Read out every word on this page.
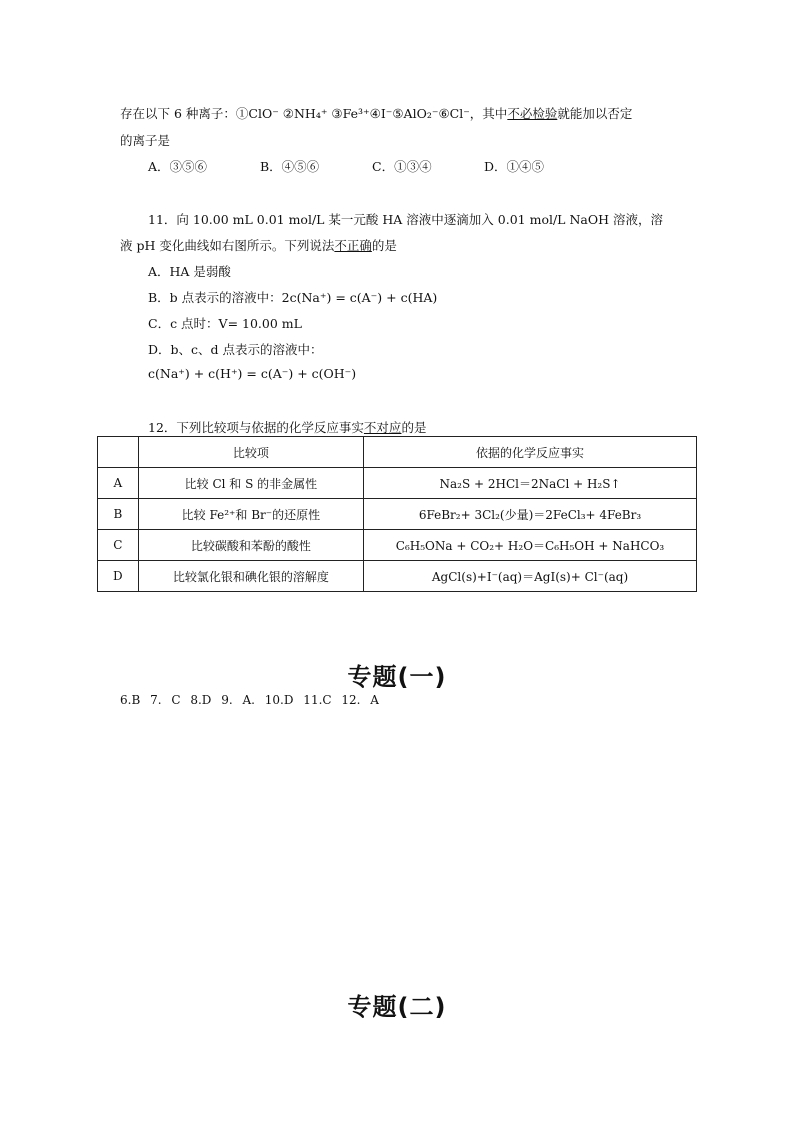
存在以下 6 种离子：①ClO⁻ ②NH₄⁺ ③Fe³⁺④I⁻⑤AlO₂⁻⑥Cl⁻，其中不必检验就能加以否定
的离子是
A．③⑤⑥	B．④⑤⑥	C．①③④	D．①④⑤
11．向 10.00 mL 0.01 mol/L 某一元酸 HA 溶液中逐滴加入 0.01 mol/L NaOH 溶液，溶
液 pH 变化曲线如右图所示。下列说法不正确的是
A．HA 是弱酸
B．b 点表示的溶液中：2c(Na⁺) = c(A⁻) + c(HA)
C．c 点时：V= 10.00 mL
D．b、c、d 点表示的溶液中：
c(Na⁺) + c(H⁺) = c(A⁻) + c(OH⁻)
12．下列比较项与依据的化学反应事实不对应的是
	比较项	依据的化学反应事实
A	比较 Cl 和 S 的非金属性	Na₂S + 2HCl＝2NaCl + H₂S↑
B	比较 Fe²⁺和 Br⁻的还原性	6FeBr₂+ 3Cl₂(少量)＝2FeCl₃+ 4FeBr₃
C	比较碳酸和苯酚的酸性	C₆H₅ONa + CO₂+ H₂O＝C₆H₅OH + NaHCO₃
D	比较氯化银和碘化银的溶解度	AgCl(s)+I⁻(aq)＝AgI(s)+ Cl⁻(aq)
专题(一)
6.B 7. C 8.D 9. A. 10.D 11.C 12. A
专题(二)
